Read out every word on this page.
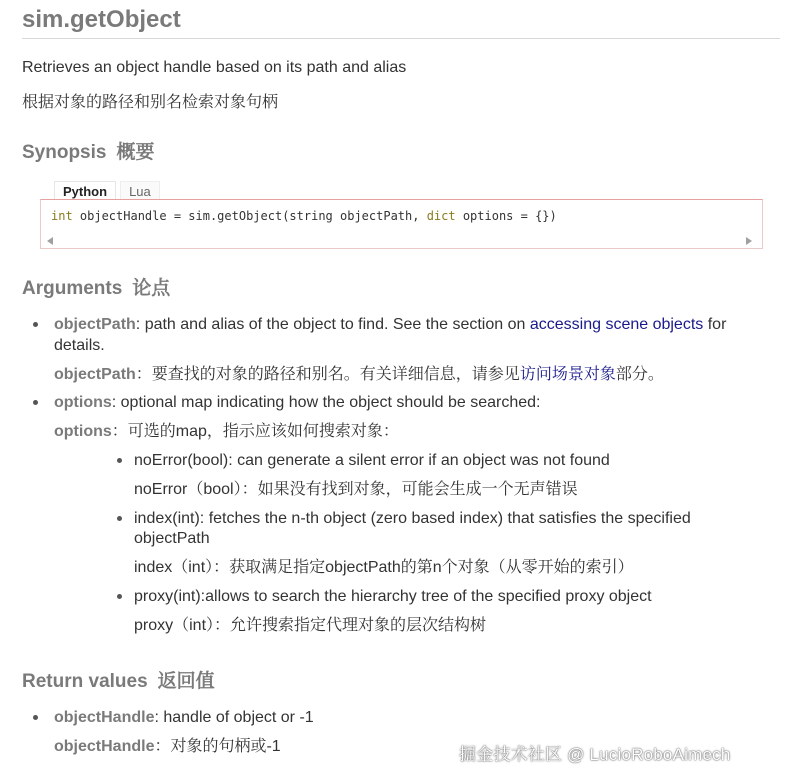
sim.getObject
Retrieves an object handle based on its path and alias
根据对象的路径和别名检索对象句柄
Synopsis 概要
Python Lua
int objectHandle = sim.getObject(string objectPath, dict options = {})
Arguments 论点
objectPath: path and alias of the object to find. See the section on accessing scene objects for
details.
objectPath：要查找的对象的路径和别名。有关详细信息，请参见访问场景对象部分。
options: optional map indicating how the object should be searched:
options：可选的map，指示应该如何搜索对象：
noError(bool): can generate a silent error if an object was not found
noError（bool）：如果没有找到对象，可能会生成一个无声错误
index(int): fetches the n-th object (zero based index) that satisfies the specified
objectPath
index（int）：获取满足指定objectPath的第n个对象（从零开始的索引）
proxy(int):allows to search the hierarchy tree of the specified proxy object
proxy（int）：允许搜索指定代理对象的层次结构树
Return values 返回值
objectHandle: handle of object or -1
objectHandle：对象的句柄或-1	掘金技术社区 @ LucioRoboAimech
